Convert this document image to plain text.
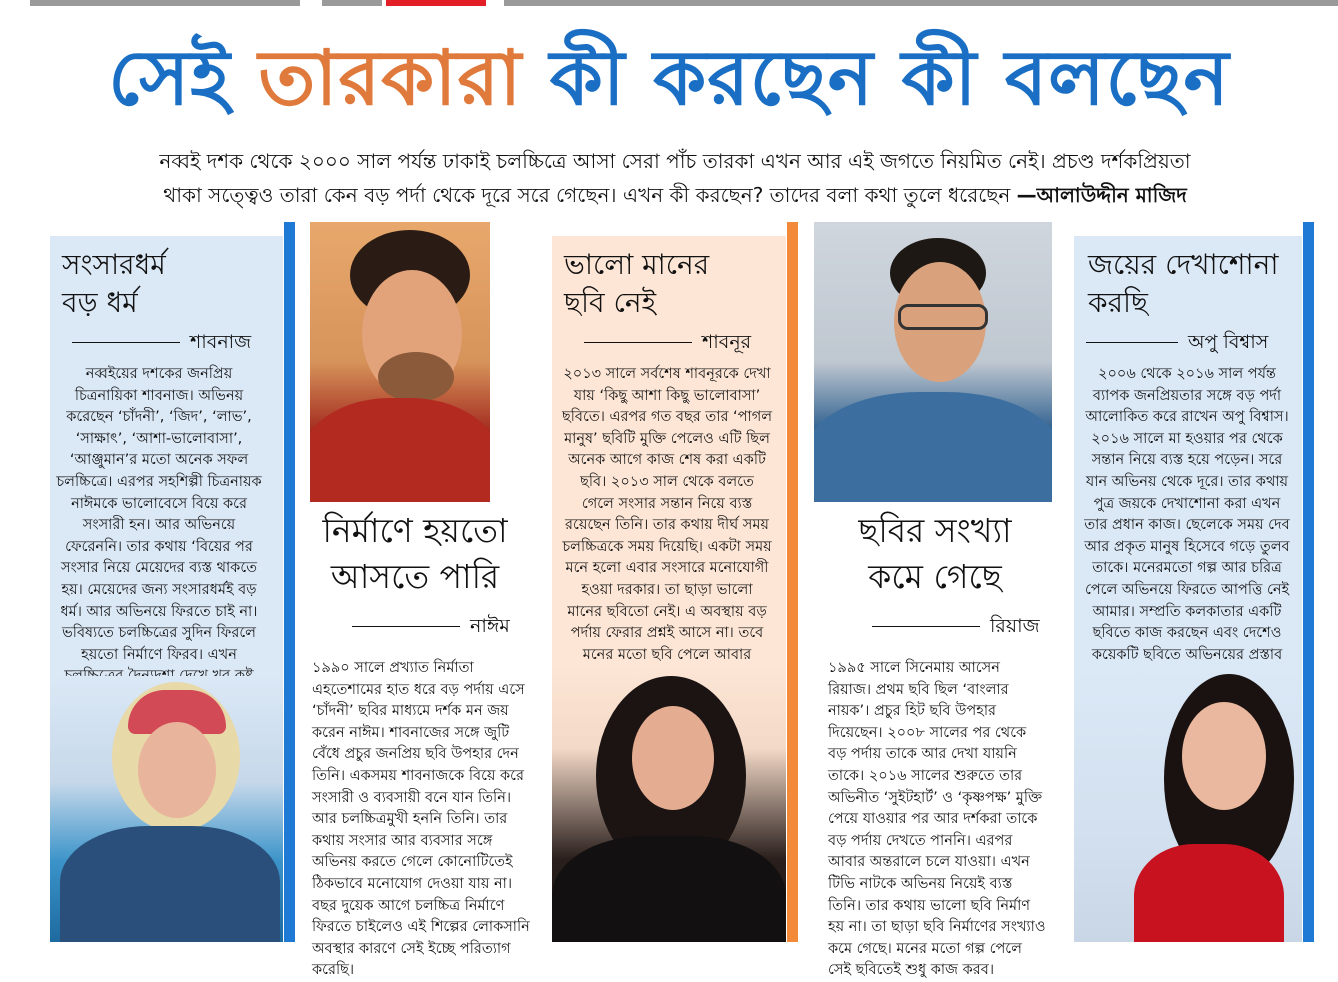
সেই তারকারা কী করছেন কী বলছেন
নব্বই দশক থেকে ২০০০ সাল পর্যন্ত ঢাকাই চলচ্চিত্রে আসা সেরা পাঁচ তারকা এখন আর এই জগতে নিয়মিত নেই। প্রচণ্ড দর্শকপ্রিয়তা
থাকা সত্ত্বেও তারা কেন বড় পর্দা থেকে দূরে সরে গেছেন। এখন কী করছেন? তাদের বলা কথা তুলে ধরেছেন —আলাউদ্দীন মাজিদ
সংসারধর্ম
বড় ধর্ম
শাবনাজ
নব্বইয়ের দশকের জনপ্রিয় চিত্রনায়িকা শাবনাজ। অভিনয় করেছেন ‘চাঁদনী’, ‘জিদ’, ‘লাভ’, ‘সাক্ষাৎ’, ‘আশা-ভালোবাসা’, ‘আঞ্জুমান’র মতো অনেক সফল চলচ্চিত্রে। এরপর সহশিল্পী চিত্রনায়ক নাঈমকে ভালোবেসে বিয়ে করে সংসারী হন। আর অভিনয়ে ফেরেননি। তার কথায় ‘বিয়ের পর সংসার নিয়ে মেয়েদের ব্যস্ত থাকতে হয়। মেয়েদের জন্য সংসারধর্মই বড় ধর্ম। আর অভিনয়ে ফিরতে চাই না। ভবিষ্যতে চলচ্চিত্রের সুদিন ফিরলে হয়তো নির্মাণে ফিরব। এখন
নির্মাণে হয়তো
আসতে পারি
নাঈম
১৯৯০ সালে প্রখ্যাত নির্মাতা এহতেশামের হাত ধরে বড় পর্দায় এসে ‘চাঁদনী’ ছবির মাধ্যমে দর্শক মন জয় করেন নাঈম। শাবনাজের সঙ্গে জুটি বেঁধে প্রচুর জনপ্রিয় ছবি উপহার দেন তিনি। একসময় শাবনাজকে বিয়ে করে সংসারী ও ব্যবসায়ী বনে যান তিনি। আর চলচ্চিত্রমুখী হননি তিনি। তার কথায় সংসার আর ব্যবসার সঙ্গে অভিনয় করতে গেলে কোনোটিতেই ঠিকভাবে মনোযোগ দেওয়া যায় না। বছর দুয়েক আগে চলচ্চিত্র নির্মাণে ফিরতে চাইলেও এই শিল্পের লোকসানি অবস্থার কারণে সেই ইচ্ছে পরিত্যাগ করেছি।
ভালো মানের
ছবি নেই
শাবনূর
২০১৩ সালে সর্বশেষ শাবনূরকে দেখা যায় ‘কিছু আশা কিছু ভালোবাসা’ ছবিতে। এরপর গত বছর তার ‘পাগল মানুষ’ ছবিটি মুক্তি পেলেও এটি ছিল অনেক আগে কাজ শেষ করা একটি ছবি। ২০১৩ সাল থেকে বলতে গেলে সংসার সন্তান নিয়ে ব্যস্ত রয়েছেন তিনি। তার কথায় দীর্ঘ সময় চলচ্চিত্রকে সময় দিয়েছি। একটা সময় মনে হলো এবার সংসারে মনোযোগী হওয়া দরকার। তা ছাড়া ভালো মানের ছবিতো নেই। এ অবস্থায় বড় পর্দায় ফেরার প্রশ্নই আসে না। তবে মনের মতো ছবি পেলে আবার
ছবির সংখ্যা
কমে গেছে
রিয়াজ
১৯৯৫ সালে সিনেমায় আসেন রিয়াজ। প্রথম ছবি ছিল ‘বাংলার নায়ক’। প্রচুর হিট ছবি উপহার দিয়েছেন। ২০০৮ সালের পর থেকে বড় পর্দায় তাকে আর দেখা যায়নি তাকে। ২০১৬ সালের শুরুতে তার অভিনীত ‘সুইটহার্ট’ ও ‘কৃষ্ণপক্ষ’ মুক্তি পেয়ে যাওয়ার পর আর দর্শকরা তাকে বড় পর্দায় দেখতে পাননি। এরপর আবার অন্তরালে চলে যাওয়া। এখন টিভি নাটকে অভিনয় নিয়েই ব্যস্ত তিনি। তার কথায় ভালো ছবি নির্মাণ হয় না। তা ছাড়া ছবি নির্মাণের সংখ্যাও কমে গেছে। মনের মতো গল্প পেলে সেই ছবিতেই শুধু কাজ করব।
জয়ের দেখাশোনা
করছি
অপু বিশ্বাস
২০০৬ থেকে ২০১৬ সাল পর্যন্ত ব্যাপক জনপ্রিয়তার সঙ্গে বড় পর্দা আলোকিত করে রাখেন অপু বিশ্বাস। ২০১৬ সালে মা হওয়ার পর থেকে সন্তান নিয়ে ব্যস্ত হয়ে পড়েন। সরে যান অভিনয় থেকে দূরে। তার কথায় পুত্র জয়কে দেখাশোনা করা এখন তার প্রধান কাজ। ছেলেকে সময় দেব আর প্রকৃত মানুষ হিসেবে গড়ে তুলব তাকে। মনেরমতো গল্প আর চরিত্র পেলে অভিনয়ে ফিরতে আপত্তি নেই আমার। সম্প্রতি কলকাতার একটি ছবিতে কাজ করছেন এবং দেশেও কয়েকটি ছবিতে অভিনয়ের প্রস্তাব
